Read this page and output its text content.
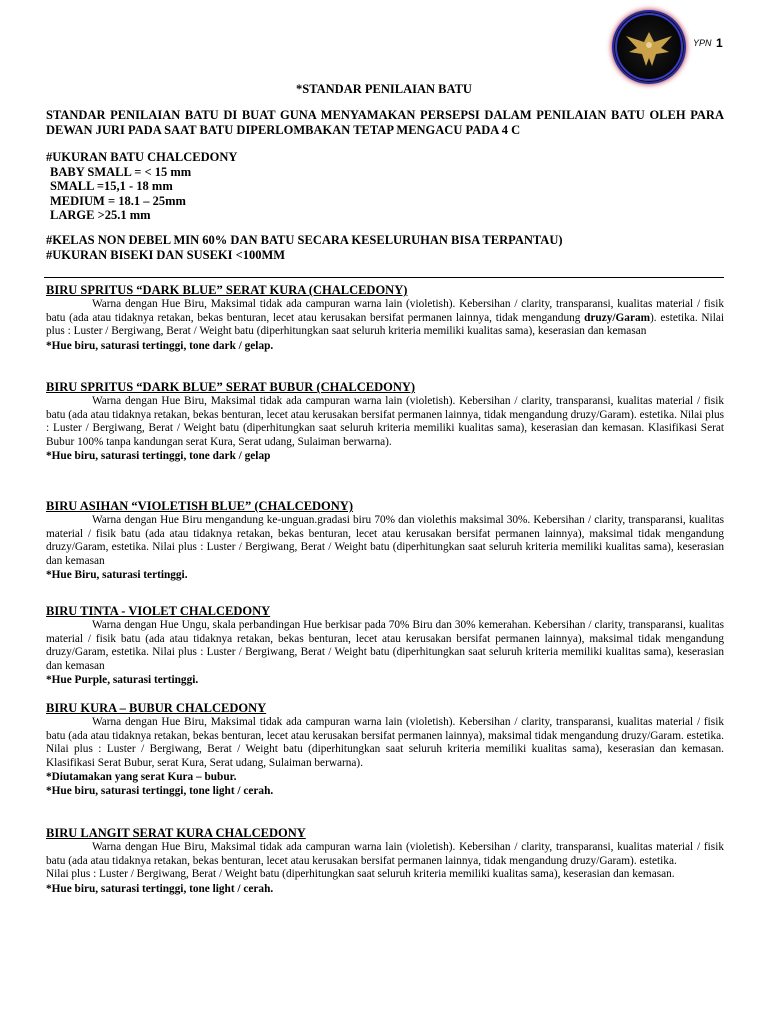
YPN 1
*STANDAR PENILAIAN BATU
STANDAR PENILAIAN BATU DI BUAT GUNA MENYAMAKAN PERSEPSI DALAM PENILAIAN BATU OLEH PARA DEWAN JURI PADA SAAT BATU DIPERLOMBAKAN TETAP MENGACU PADA 4 C
#UKURAN BATU CHALCEDONY
BABY SMALL = < 15 mm
SMALL =15,1 - 18 mm
MEDIUM = 18.1 – 25mm
LARGE >25.1 mm
#KELAS NON DEBEL MIN 60% DAN BATU SECARA KESELURUHAN BISA TERPANTAU)
#UKURAN BISEKI DAN SUSEKI <100MM
BIRU SPRITUS “DARK BLUE” SERAT KURA (CHALCEDONY)
Warna dengan Hue Biru, Maksimal tidak ada campuran warna lain (violetish). Kebersihan / clarity, transparansi, kualitas material / fisik batu (ada atau tidaknya retakan, bekas benturan, lecet atau kerusakan bersifat permanen lainnya, tidak mengandung druzy/Garam). estetika. Nilai plus : Luster / Bergiwang, Berat / Weight batu (diperhitungkan saat seluruh kriteria memiliki kualitas sama), keserasian dan kemasan
*Hue biru, saturasi tertinggi, tone dark / gelap.
BIRU SPRITUS “DARK BLUE” SERAT BUBUR (CHALCEDONY)
Warna dengan Hue Biru, Maksimal tidak ada campuran warna lain (violetish). Kebersihan / clarity, transparansi, kualitas material / fisik batu (ada atau tidaknya retakan, bekas benturan, lecet atau kerusakan bersifat permanen lainnya, tidak mengandung druzy/Garam). estetika. Nilai plus : Luster / Bergiwang, Berat / Weight batu (diperhitungkan saat seluruh kriteria memiliki kualitas sama), keserasian dan kemasan. Klasifikasi Serat Bubur 100% tanpa kandungan serat Kura, Serat udang, Sulaiman berwarna).
*Hue biru, saturasi tertinggi, tone dark / gelap
BIRU ASIHAN “VIOLETISH BLUE” (CHALCEDONY)
Warna dengan Hue Biru mengandung ke-unguan.gradasi biru 70% dan violethis maksimal 30%. Kebersihan / clarity, transparansi, kualitas material / fisik batu (ada atau tidaknya retakan, bekas benturan, lecet atau kerusakan bersifat permanen lainnya), maksimal tidak mengandung druzy/Garam, estetika. Nilai plus : Luster / Bergiwang, Berat / Weight batu (diperhitungkan saat seluruh kriteria memiliki kualitas sama), keserasian dan kemasan
*Hue Biru, saturasi tertinggi.
BIRU TINTA - VIOLET CHALCEDONY
Warna dengan Hue Ungu, skala perbandingan Hue berkisar pada 70% Biru dan 30% kemerahan. Kebersihan / clarity, transparansi, kualitas material / fisik batu (ada atau tidaknya retakan, bekas benturan, lecet atau kerusakan bersifat permanen lainnya), maksimal tidak mengandung druzy/Garam, estetika. Nilai plus : Luster / Bergiwang, Berat / Weight batu (diperhitungkan saat seluruh kriteria memiliki kualitas sama), keserasian dan kemasan
*Hue Purple, saturasi tertinggi.
BIRU KURA – BUBUR CHALCEDONY
Warna dengan Hue Biru, Maksimal tidak ada campuran warna lain (violetish). Kebersihan / clarity, transparansi, kualitas material / fisik batu (ada atau tidaknya retakan, bekas benturan, lecet atau kerusakan bersifat permanen lainnya), maksimal tidak mengandung druzy/Garam. estetika. Nilai plus : Luster / Bergiwang, Berat / Weight batu (diperhitungkan saat seluruh kriteria memiliki kualitas sama), keserasian dan kemasan. Klasifikasi Serat Bubur, serat Kura, Serat udang, Sulaiman berwarna).
*Diutamakan yang serat Kura – bubur.
*Hue biru, saturasi tertinggi, tone light / cerah.
BIRU LANGIT SERAT KURA CHALCEDONY
Warna dengan Hue Biru, Maksimal tidak ada campuran warna lain (violetish). Kebersihan / clarity, transparansi, kualitas material / fisik batu (ada atau tidaknya retakan, bekas benturan, lecet atau kerusakan bersifat permanen lainnya, tidak mengandung druzy/Garam). estetika.
Nilai plus : Luster / Bergiwang, Berat / Weight batu (diperhitungkan saat seluruh kriteria memiliki kualitas sama), keserasian dan kemasan.
*Hue biru, saturasi tertinggi, tone light / cerah.
